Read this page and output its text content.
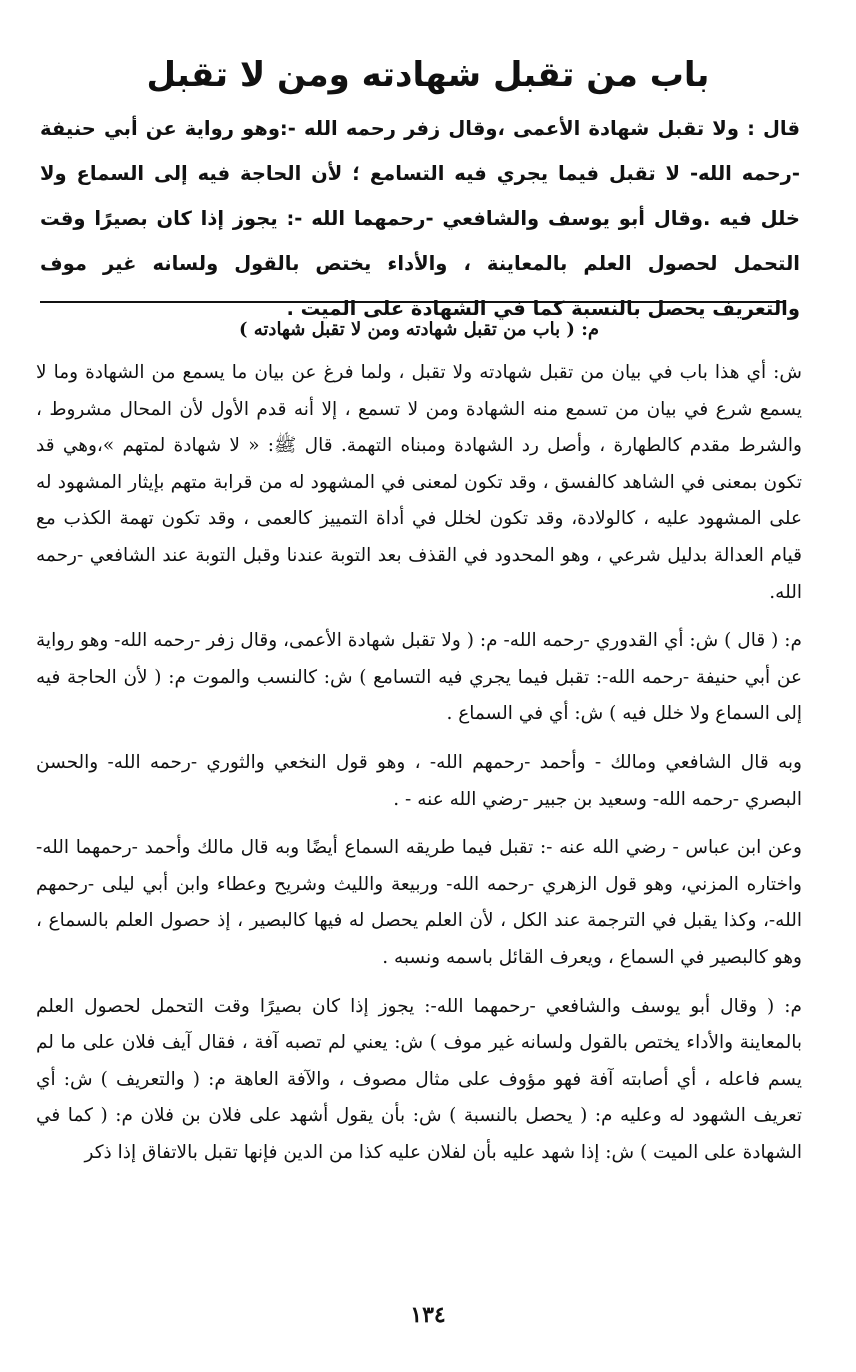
باب من تقبل شهادته ومن لا تقبل

قال : ولا تقبل شهادة الأعمى ،وقال زفر رحمه الله -:وهو رواية عن أبي حنيفة -رحمه الله- لا تقبل فيما يجري فيه التسامع ؛ لأن الحاجة فيه إلى السماع ولا خلل فيه .وقال أبو يوسف والشافعي -رحمهما الله -: يجوز إذا كان بصيرًا وقت التحمل لحصول العلم بالمعاينة ، والأداء يختص بالقول ولسانه غير موف والتعريف يحصل بالنسبة كما في الشهادة على الميت .

م: ( باب من تقبل شهادته ومن لا تقبل شهادته )

ش: أي هذا باب في بيان من تقبل شهادته ولا تقبل ، ولما فرغ عن بيان ما يسمع من الشهادة وما لا يسمع شرع في بيان من تسمع منه الشهادة ومن لا تسمع ، إلا أنه قدم الأول لأن المحال مشروط ، والشرط مقدم كالطهارة ، وأصل رد الشهادة ومبناه التهمة. قال ﷺ: « لا شهادة لمتهم »،وهي قد تكون بمعنى في الشاهد كالفسق ، وقد تكون لمعنى في المشهود له من قرابة متهم بإيثار المشهود له على المشهود عليه ، كالولادة، وقد تكون لخلل في أداة التمييز كالعمى ، وقد تكون تهمة الكذب مع قيام العدالة بدليل شرعي ، وهو المحدود في القذف بعد التوبة عندنا وقبل التوبة عند الشافعي -رحمه الله.

م: ( قال ) ش: أي القدوري -رحمه الله- م: ( ولا تقبل شهادة الأعمى، وقال زفر -رحمه الله- وهو رواية عن أبي حنيفة -رحمه الله-: تقبل فيما يجري فيه التسامع ) ش: كالنسب والموت م: ( لأن الحاجة فيه إلى السماع ولا خلل فيه ) ش: أي في السماع .

وبه قال الشافعي ومالك - وأحمد -رحمهم الله- ، وهو قول النخعي والثوري -رحمه الله- والحسن البصري -رحمه الله- وسعيد بن جبير -رضي الله عنه - .

وعن ابن عباس - رضي الله عنه -: تقبل فيما طريقه السماع أيضًا وبه قال مالك وأحمد -رحمهما الله- واختاره المزني، وهو قول الزهري -رحمه الله- وربيعة والليث وشريح وعطاء وابن أبي ليلى -رحمهم الله-، وكذا يقبل في الترجمة عند الكل ، لأن العلم يحصل له فيها كالبصير ، إذ حصول العلم بالسماع ، وهو كالبصير في السماع ، ويعرف القائل باسمه ونسبه .

م: ( وقال أبو يوسف والشافعي -رحمهما الله-: يجوز إذا كان بصيرًا وقت التحمل لحصول العلم بالمعاينة والأداء يختص بالقول ولسانه غير موف ) ش: يعني لم تصبه آفة ، فقال آيف فلان على ما لم يسم فاعله ، أي أصابته آفة فهو مؤوف على مثال مصوف ، والآفة العاهة م: ( والتعريف ) ش: أي تعريف الشهود له وعليه م: ( يحصل بالنسبة ) ش: بأن يقول أشهد على فلان بن فلان م: ( كما في الشهادة على الميت ) ش: إذا شهد عليه بأن لفلان عليه كذا من الدين فإنها تقبل بالاتفاق إذا ذكر

١٣٤
